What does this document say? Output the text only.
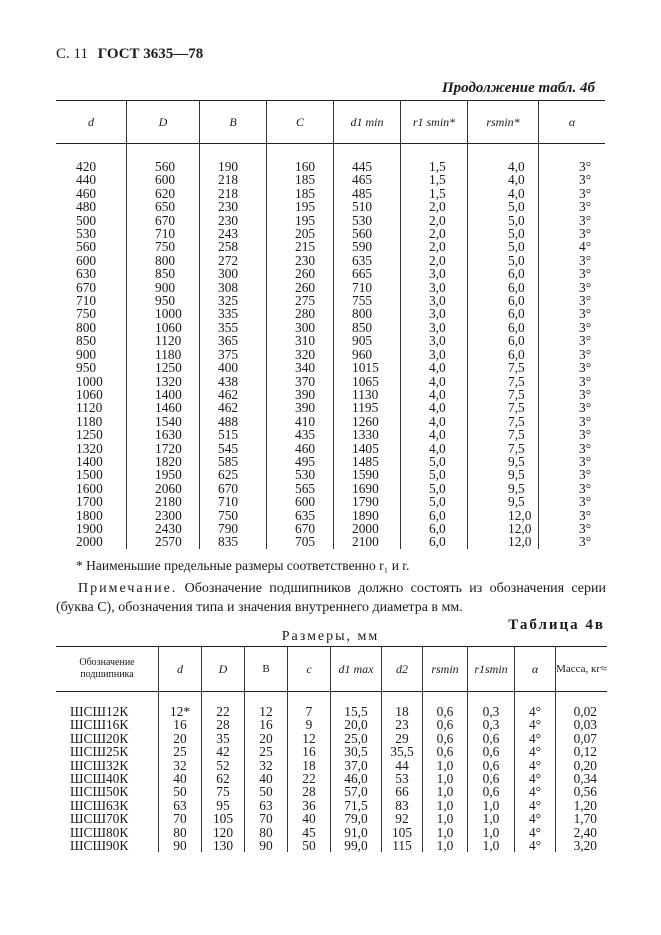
С. 11 ГОСТ 3635—78
Продолжение табл. 4б
d	D	B	C	d1 min	r1 smin*	rsmin*	α
420	560	190	160	445	1,5	4,0	3°
440	600	218	185	465	1,5	4,0	3°
460	620	218	185	485	1,5	4,0	3°
480	650	230	195	510	2,0	5,0	3°
500	670	230	195	530	2,0	5,0	3°
530	710	243	205	560	2,0	5,0	3°
560	750	258	215	590	2,0	5,0	4°
600	800	272	230	635	2,0	5,0	3°
630	850	300	260	665	3,0	6,0	3°
670	900	308	260	710	3,0	6,0	3°
710	950	325	275	755	3,0	6,0	3°
750	1000	335	280	800	3,0	6,0	3°
800	1060	355	300	850	3,0	6,0	3°
850	1120	365	310	905	3,0	6,0	3°
900	1180	375	320	960	3,0	6,0	3°
950	1250	400	340	1015	4,0	7,5	3°
1000	1320	438	370	1065	4,0	7,5	3°
1060	1400	462	390	1130	4,0	7,5	3°
1120	1460	462	390	1195	4,0	7,5	3°
1180	1540	488	410	1260	4,0	7,5	3°
1250	1630	515	435	1330	4,0	7,5	3°
1320	1720	545	460	1405	4,0	7,5	3°
1400	1820	585	495	1485	5,0	9,5	3°
1500	1950	625	530	1590	5,0	9,5	3°
1600	2060	670	565	1690	5,0	9,5	3°
1700	2180	710	600	1790	5,0	9,5	3°
1800	2300	750	635	1890	6,0	12,0	3°
1900	2430	790	670	2000	6,0	12,0	3°
2000	2570	835	705	2100	6,0	12,0	3°
* Наименьшие предельные размеры соответственно r₁ и r.
Примечание. Обозначение подшипников должно состоять из обозначения серии (буква С), обозначения типа и значения внутреннего диаметра в мм.
Таблица 4в
Размеры, мм
Обозначение подшипника	d	D	B	c	d1 max	d2	rsmin	r1smin	α	Масса, кг≈
ШСШ12К	12*	22	12	7	15,5	18	0,6	0,3	4°	0,02
ШСШ16К	16	28	16	9	20,0	23	0,6	0,3	4°	0,03
ШСШ20К	20	35	20	12	25,0	29	0,6	0,6	4°	0,07
ШСШ25К	25	42	25	16	30,5	35,5	0,6	0,6	4°	0,12
ШСШ32К	32	52	32	18	37,0	44	1,0	0,6	4°	0,20
ШСШ40К	40	62	40	22	46,0	53	1,0	0,6	4°	0,34
ШСШ50К	50	75	50	28	57,0	66	1,0	0,6	4°	0,56
ШСШ63К	63	95	63	36	71,5	83	1,0	1,0	4°	1,20
ШСШ70К	70	105	70	40	79,0	92	1,0	1,0	4°	1,70
ШСШ80К	80	120	80	45	91,0	105	1,0	1,0	4°	2,40
ШСШ90К	90	130	90	50	99,0	115	1,0	1,0	4°	3,20
